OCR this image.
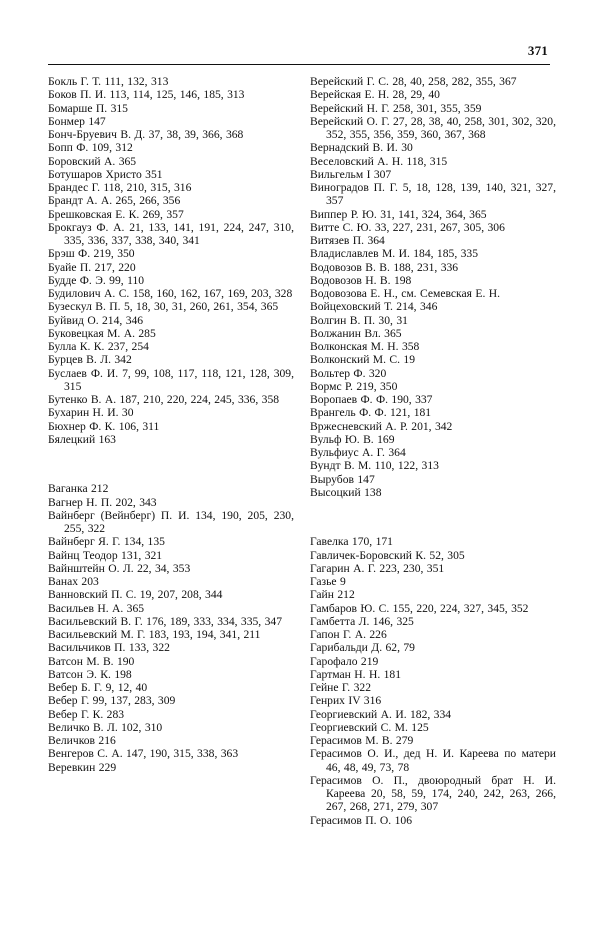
371

Бокль Г. Т. 111, 132, 313

Боков П. И. 113, 114, 125, 146, 185, 313

Бомарше П. 315

Бонмер 147

Бонч-Бруевич В. Д. 37, 38, 39, 366, 368

Бопп Ф. 109, 312

Боровский А. 365

Ботушаров Христо 351

Брандес Г. 118, 210, 315, 316

Брандт А. А. 265, 266, 356

Брешковская Е. К. 269, 357

Брокгауз Ф. А. 21, 133, 141, 191, 224, 247, 310, 335, 336, 337, 338, 340, 341

Брэш Ф. 219, 350

Буайе П. 217, 220

Будде Ф. Э. 99, 110

Будилович А. С. 158, 160, 162, 167, 169, 203, 328

Бузескул В. П. 5, 18, 30, 31, 260, 261, 354, 365

Буйвид О. 214, 346

Буковецкая М. А. 285

Булла К. К. 237, 254

Бурцев В. Л. 342

Буслаев Ф. И. 7, 99, 108, 117, 118, 121, 128, 309, 315

Бутенко В. А. 187, 210, 220, 224, 245, 336, 358

Бухарин Н. И. 30

Бюхнер Ф. К. 106, 311

Бялецкий 163

Ваганка 212

Вагнер Н. П. 202, 343

Вайнберг (Вейнберг) П. И. 134, 190, 205, 230, 255, 322

Вайнберг Я. Г. 134, 135

Вайнц Теодор 131, 321

Вайнштейн О. Л. 22, 34, 353

Ванах 203

Ванновский П. С. 19, 207, 208, 344

Васильев Н. А. 365

Васильевский В. Г. 176, 189, 333, 334, 335, 347

Васильевский М. Г. 183, 193, 194, 341, 211

Васильчиков П. 133, 322

Ватсон М. В. 190

Ватсон Э. К. 198

Вебер Б. Г. 9, 12, 40

Вебер Г. 99, 137, 283, 309

Вебер Г. К. 283

Величко В. Л. 102, 310

Величков 216

Венгеров С. А. 147, 190, 315, 338, 363

Веревкин 229

Верейский Г. С. 28, 40, 258, 282, 355, 367

Верейская Е. Н. 28, 29, 40

Верейский Н. Г. 258, 301, 355, 359

Верейский О. Г. 27, 28, 38, 40, 258, 301, 302, 320, 352, 355, 356, 359, 360, 367, 368

Вернадский В. И. 30

Веселовский А. Н. 118, 315

Вильгельм I 307

Виноградов П. Г. 5, 18, 128, 139, 140, 321, 327, 357

Виппер Р. Ю. 31, 141, 324, 364, 365

Витте С. Ю. 33, 227, 231, 267, 305, 306

Витязев П. 364

Владиславлев М. И. 184, 185, 335

Водовозов В. В. 188, 231, 336

Водовозов Н. В. 198

Водовозова Е. Н., см. Семевская Е. Н.

Войцеховский Т. 214, 346

Волгин В. П. 30, 31

Волжанин Вл. 365

Волконская М. Н. 358

Волконский М. С. 19

Вольтер Ф. 320

Вормс Р. 219, 350

Воропаев Ф. Ф. 190, 337

Врангель Ф. Ф. 121, 181

Вржесневский А. Р. 201, 342

Вульф Ю. В. 169

Вульфиус А. Г. 364

Вундт В. М. 110, 122, 313

Вырубов 147

Высоцкий 138

Гавелка 170, 171

Гавличек-Боровский К. 52, 305

Гагарин А. Г. 223, 230, 351

Газье 9

Гайн 212

Гамбаров Ю. С. 155, 220, 224, 327, 345, 352

Гамбетта Л. 146, 325

Гапон Г. А. 226

Гарибальди Д. 62, 79

Гарофало 219

Гартман Н. Н. 181

Гейне Г. 322

Генрих IV 316

Георгиевский А. И. 182, 334

Георгиевский С. М. 125

Герасимов М. В. 279

Герасимов О. И., дед Н. И. Кареева по матери 46, 48, 49, 73, 78

Герасимов О. П., двоюродный брат Н. И. Кареева 20, 58, 59, 174, 240, 242, 263, 266, 267, 268, 271, 279, 307

Герасимов П. О. 106
